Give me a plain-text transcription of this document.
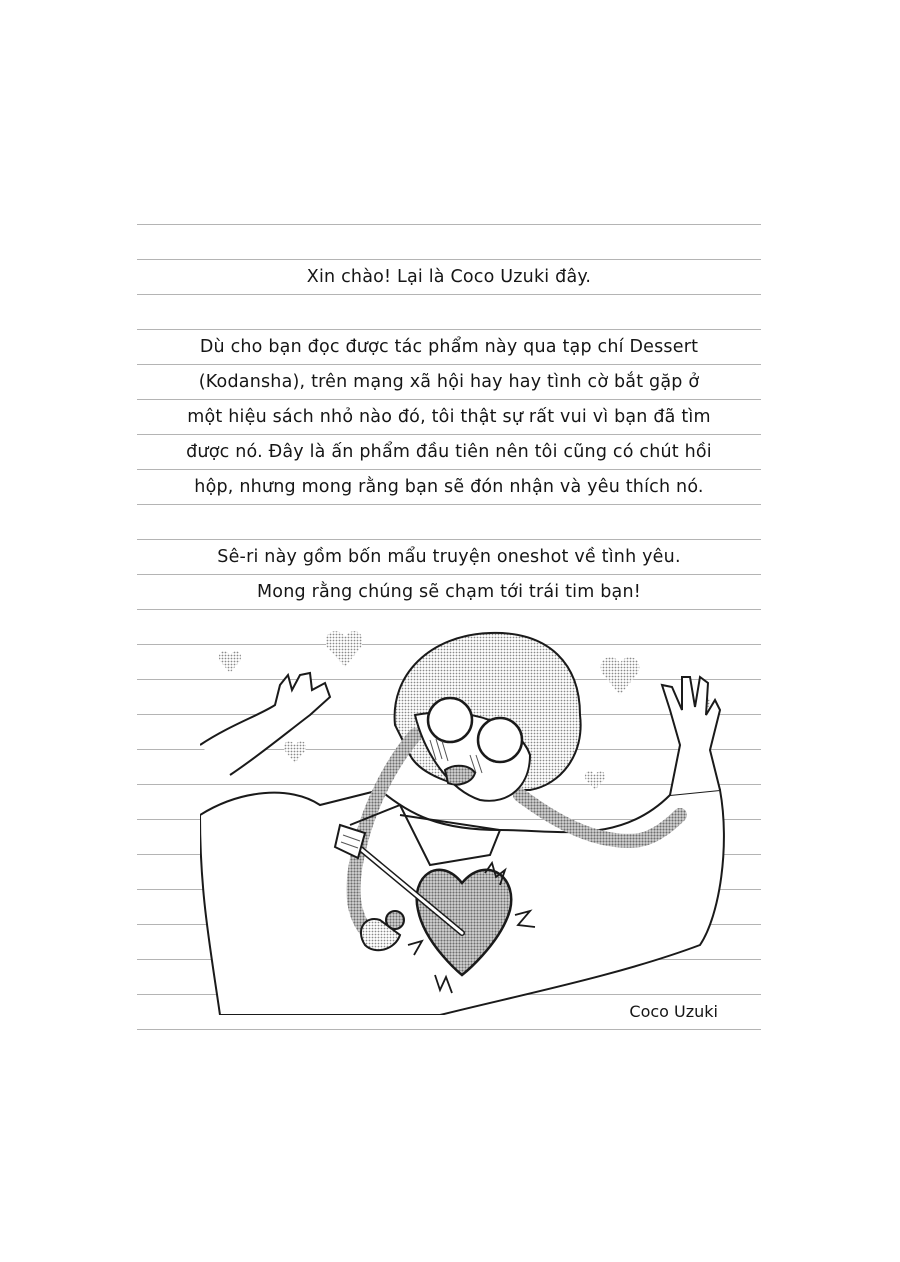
Xin chào! Lại là Coco Uzuki đây.
Dù cho bạn đọc được tác phẩm này qua tạp chí Dessert
(Kodansha), trên mạng xã hội hay hay tình cờ bắt gặp ở
một hiệu sách nhỏ nào đó, tôi thật sự rất vui vì bạn đã tìm
được nó. Đây là ấn phẩm đầu tiên nên tôi cũng có chút hồi
hộp, nhưng mong rằng bạn sẽ đón nhận và yêu thích nó.
Sê-ri này gồm bốn mẩu truyện oneshot về tình yêu.
Mong rằng chúng sẽ chạm tới trái tim bạn!
Coco Uzuki
